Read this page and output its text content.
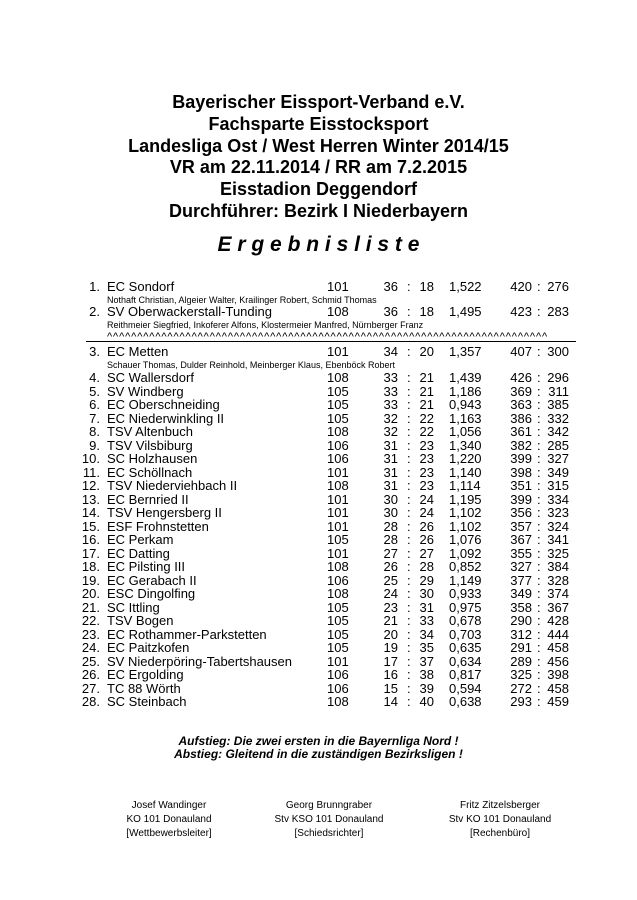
Bayerischer Eissport-Verband e.V.
Fachsparte Eisstocksport
Landesliga Ost / West Herren Winter 2014/15
VR am 22.11.2014 / RR am 7.2.2015
Eisstadion Deggendorf
Durchführer: Bezirk I Niederbayern
E r g e b n i s l i s t e
1. EC Sondorf	101	36 : 18 1,522	420 : 276
Nothaft Christian, Algeier Walter, Krailinger Robert, Schmid Thomas
2. SV Oberwackerstall-Tunding	108	36 : 18 1,495	423 : 283
Reithmeier Siegfried, Inkoferer Alfons, Klostermeier Manfred, Nürnberger Franz
^^^^^^^^^^^^^^^^^^^^^^^^^^^^^^^^^^^^^^^^^^^^^^^^^^^^^^^^^^^^^^^^^^^^^^^^^
3. EC Metten	101	34 : 20 1,357	407 : 300
Schauer Thomas, Dulder Reinhold, Meinberger Klaus, Ebenböck Robert
4. SC Wallersdorf	108	33 : 21 1,439	426 : 296
5. SV Windberg	105	33 : 21 1,186	369 : 311
6. EC Oberschneiding	105	33 : 21 0,943	363 : 385
7. EC Niederwinkling II	105	32 : 22 1,163	386 : 332
8. TSV Altenbuch	108	32 : 22 1,056	361 : 342
9. TSV Vilsbiburg	106	31 : 23 1,340	382 : 285
10. SC Holzhausen	106	31 : 23 1,220	399 : 327
11. EC Schöllnach	101	31 : 23 1,140	398 : 349
12. TSV Niederviehbach II	108	31 : 23 1,114	351 : 315
13. EC Bernried II	101	30 : 24 1,195	399 : 334
14. TSV Hengersberg II	101	30 : 24 1,102	356 : 323
15. ESF Frohnstetten	101	28 : 26 1,102	357 : 324
16. EC Perkam	105	28 : 26 1,076	367 : 341
17. EC Datting	101	27 : 27 1,092	355 : 325
18. EC Pilsting III	108	26 : 28 0,852	327 : 384
19. EC Gerabach II	106	25 : 29 1,149	377 : 328
20. ESC Dingolfing	108	24 : 30 0,933	349 : 374
21. SC Ittling	105	23 : 31 0,975	358 : 367
22. TSV Bogen	105	21 : 33 0,678	290 : 428
23. EC Rothammer-Parkstetten	105	20 : 34 0,703	312 : 444
24. EC Paitzkofen	105	19 : 35 0,635	291 : 458
25. SV Niederpöring-Tabertshausen	101	17 : 37 0,634	289 : 456
26. EC Ergolding	106	16 : 38 0,817	325 : 398
27. TC 88 Wörth	106	15 : 39 0,594	272 : 458
28. SC Steinbach	108	14 : 40 0,638	293 : 459
Aufstieg: Die zwei ersten in die Bayernliga Nord !
Abstieg: Gleitend in die zuständigen Bezirksligen !
Josef Wandinger
KO 101 Donauland
[Wettbewerbsleiter]
Georg Brunngraber
Stv KSO 101 Donauland
[Schiedsrichter]
Fritz Zitzelsberger
Stv KO 101 Donauland
[Rechenbüro]
